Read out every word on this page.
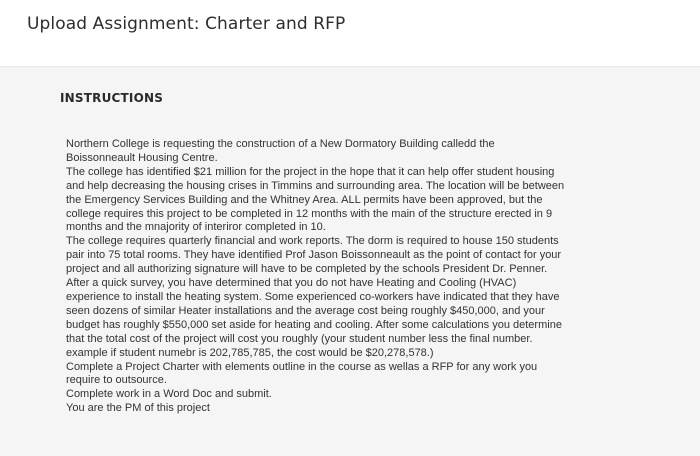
Upload Assignment: Charter and RFP
INSTRUCTIONS
Northern College is requesting the construction of a New Dormatory Building calledd the
Boissonneault Housing Centre.
The college has identified $21 million for the project in the hope that it can help offer student housing
and help decreasing the housing crises in Timmins and surrounding area. The location will be between
the Emergency Services Building and the Whitney Area. ALL permits have been approved, but the
college requires this project to be completed in 12 months with the main of the structure erected in 9
months and the mnajority of interiror completed in 10.
The college requires quarterly financial and work reports. The dorm is required to house 150 students
pair into 75 total rooms. They have identified Prof Jason Boissonneault as the point of contact for your
project and all authorizing signature will have to be completed by the schools President Dr. Penner.
After a quick survey, you have determined that you do not have Heating and Cooling (HVAC)
experience to install the heating system. Some experienced co-workers have indicated that they have
seen dozens of similar Heater installations and the average cost being roughly $450,000, and your
budget has roughly $550,000 set aside for heating and cooling. After some calculations you determine
that the total cost of the project will cost you roughly (your student number less the final number.
example if student numebr is 202,785,785, the cost would be $20,278,578.)
Complete a Project Charter with elements outline in the course as wellas a RFP for any work you
require to outsource.
Complete work in a Word Doc and submit.
You are the PM of this project
